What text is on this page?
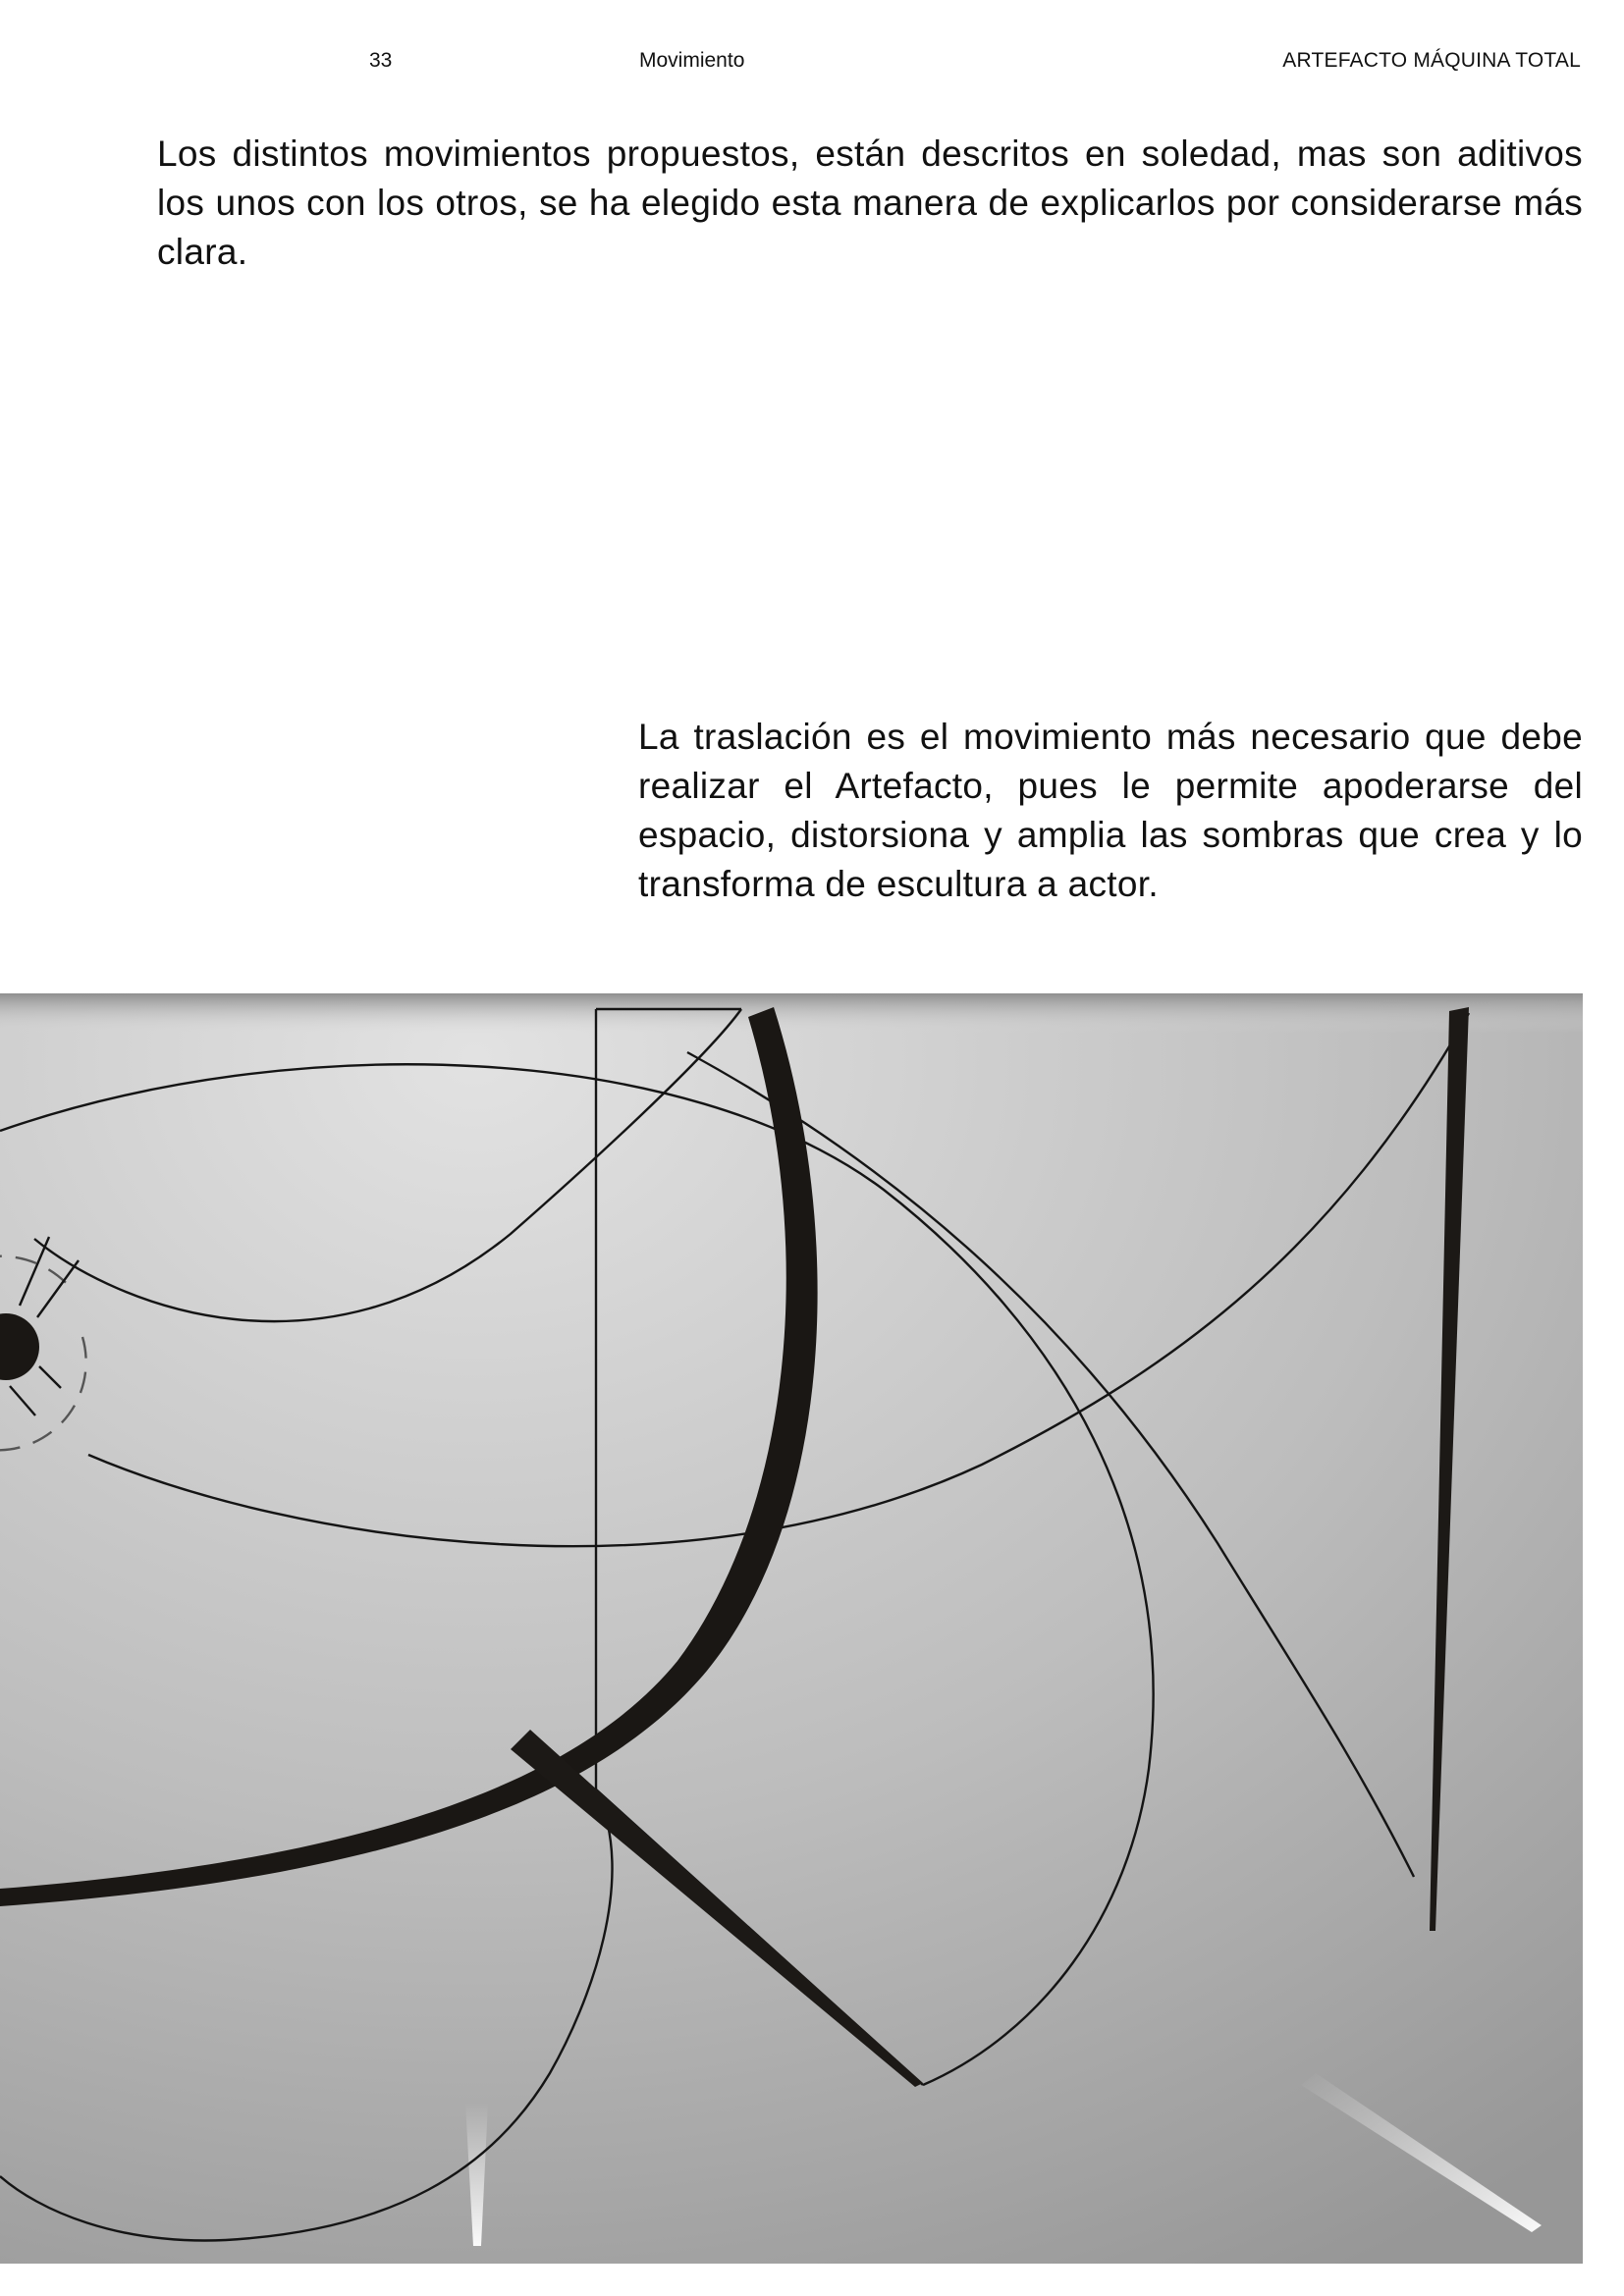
33	Movimiento	ARTEFACTO MÁQUINA TOTAL

Los distintos movimientos propuestos, están descritos en soledad, mas son aditivos los unos con los otros, se ha elegido esta manera de explicarlos por considerarse más clara.

La traslación es el movimiento más necesario que debe realizar el Artefacto, pues le permite apoderarse del espacio, distorsiona y amplia las sombras que crea y lo transforma de escultura a actor.
